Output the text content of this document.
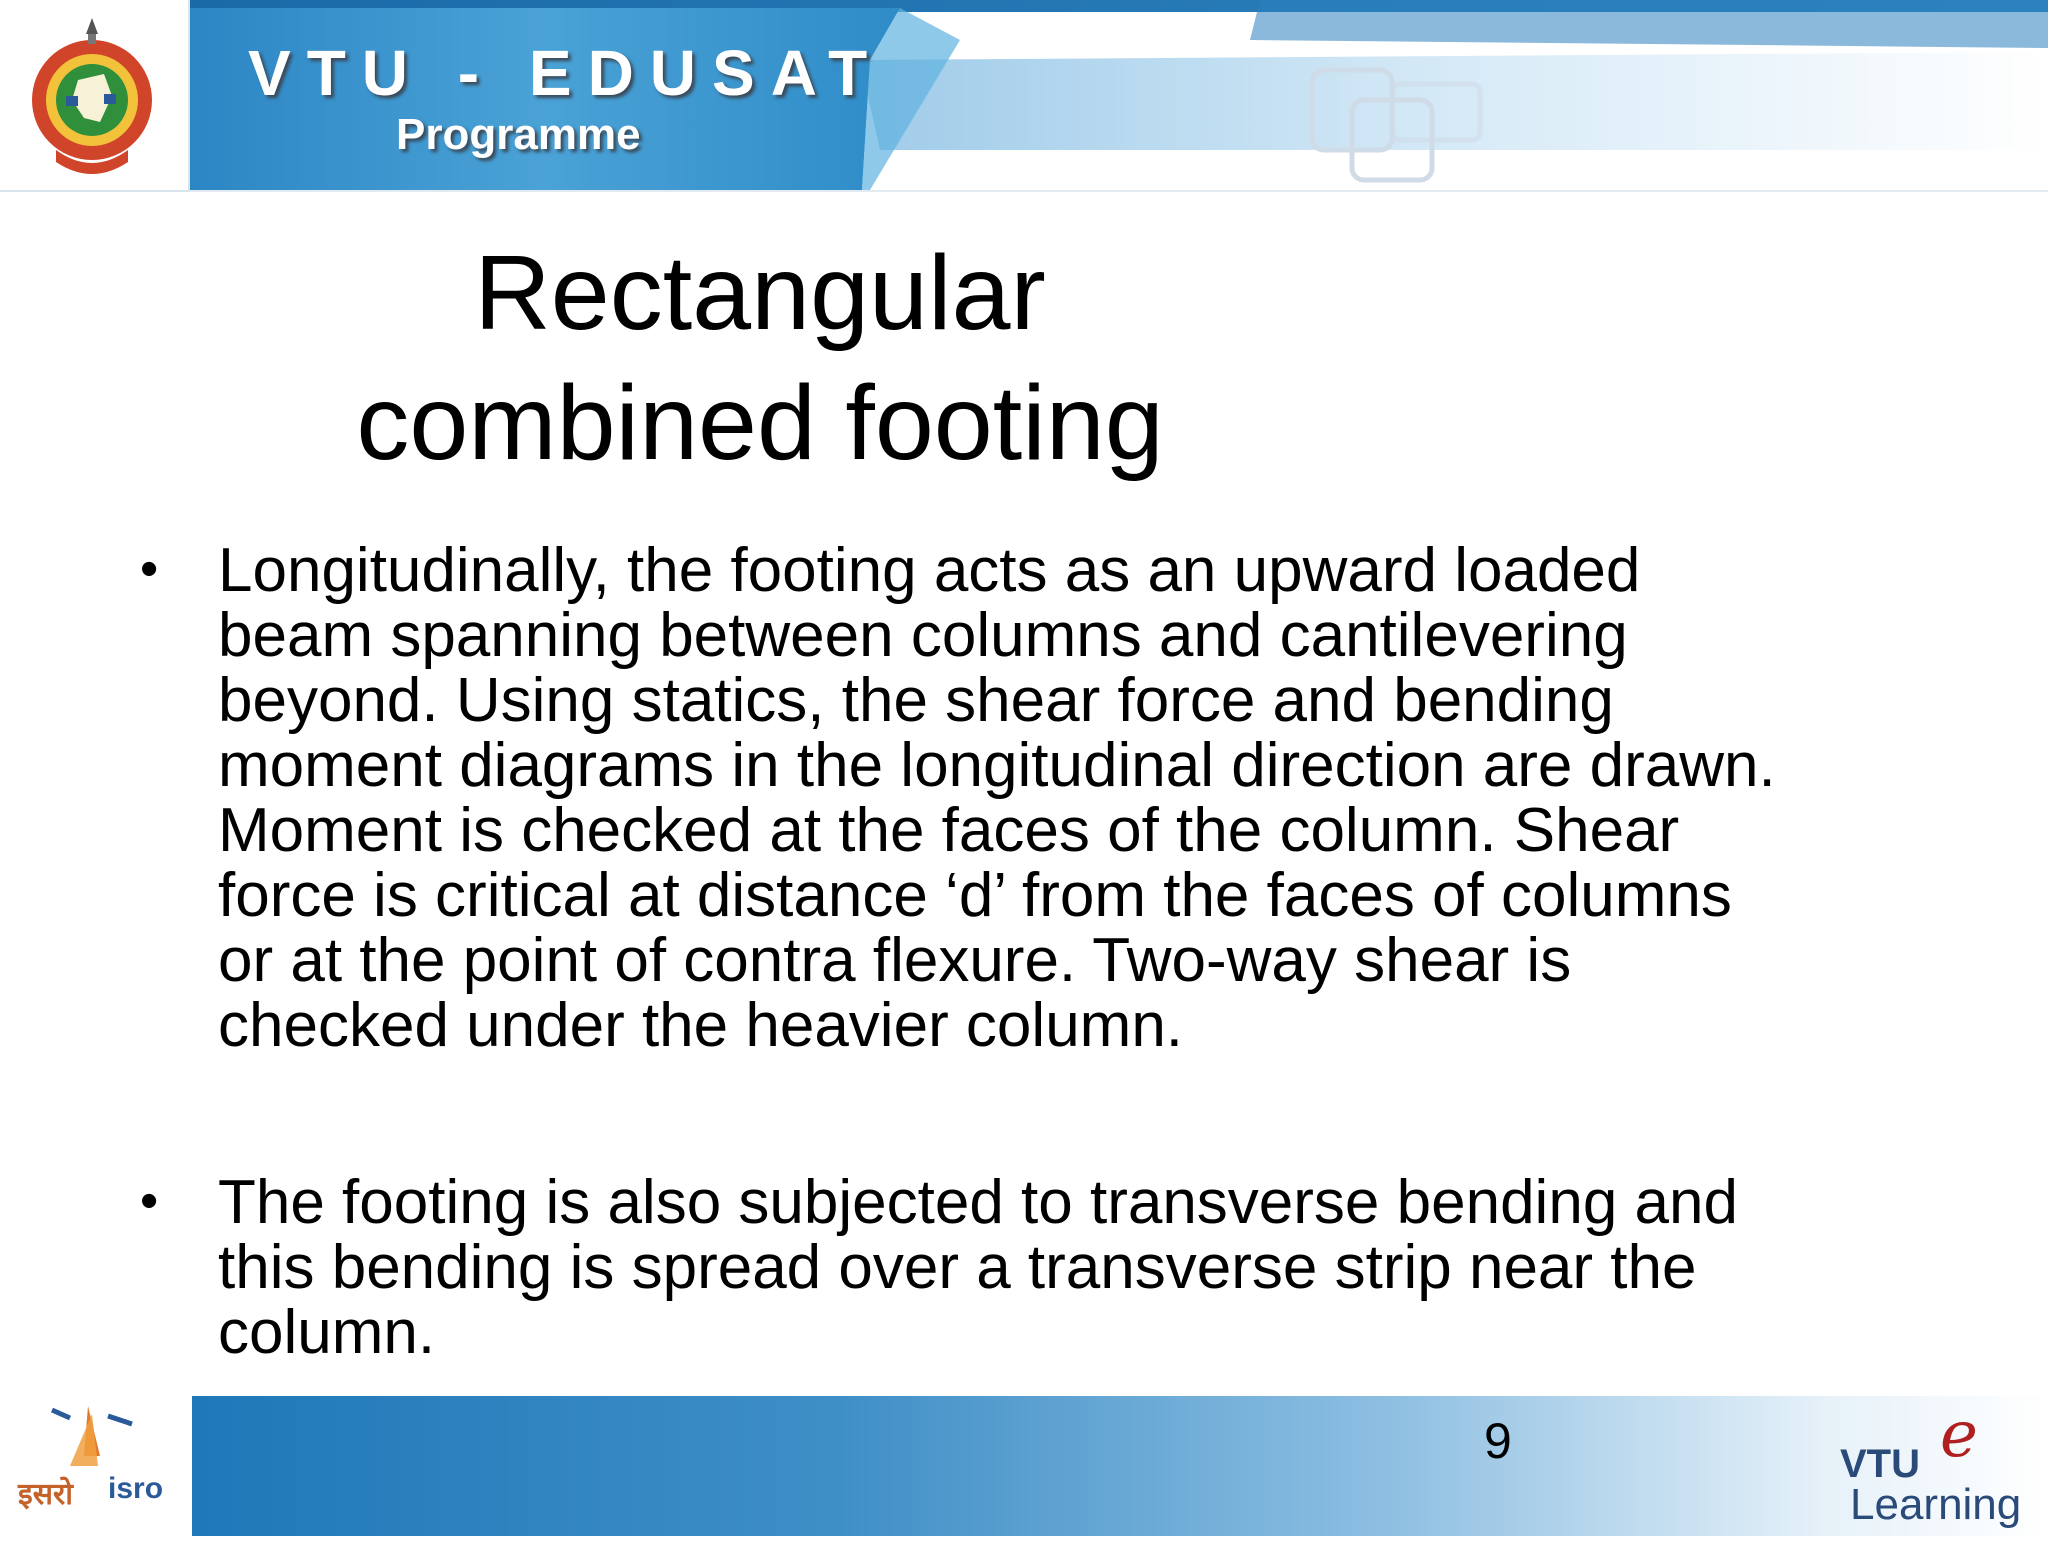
VTU - EDUSAT
Programme
Rectangular
combined footing
• Longitudinally, the footing acts as an upward loaded
beam spanning between columns and cantilevering
beyond. Using statics, the shear force and bending
moment diagrams in the longitudinal direction are drawn.
Moment is checked at the faces of the column. Shear
force is critical at distance ‘d’ from the faces of columns
or at the point of contra flexure. Two-way shear is
checked under the heavier column.
• The footing is also subjected to transverse bending and
this bending is spread over a transverse strip near the
column.
इसरो isro
9	e
VTU
Learning
